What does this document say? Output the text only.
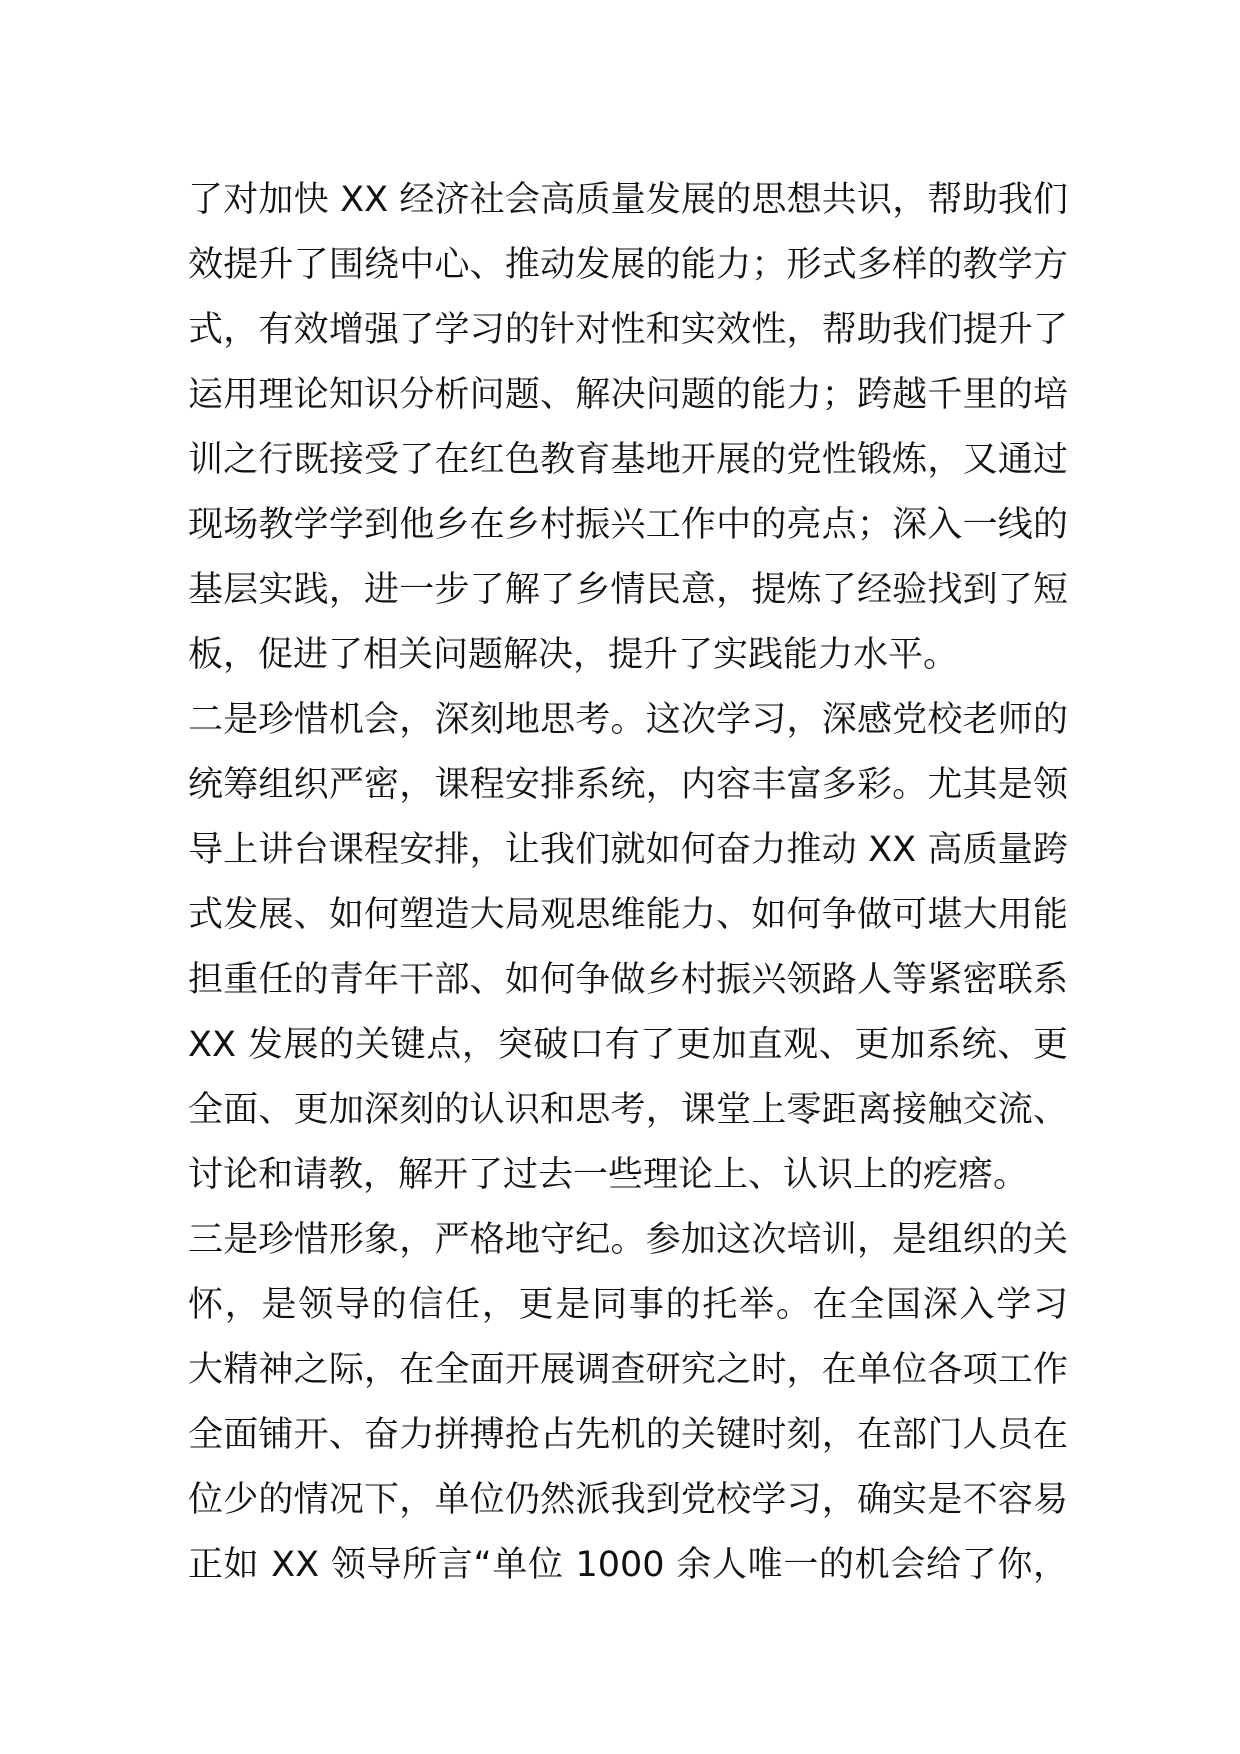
了对加快 XX 经济社会高质量发展的思想共识，帮助我们
效提升了围绕中心、推动发展的能力；形式多样的教学方
式，有效增强了学习的针对性和实效性，帮助我们提升了
运用理论知识分析问题、解决问题的能力；跨越千里的培
训之行既接受了在红色教育基地开展的党性锻炼，又通过
现场教学学到他乡在乡村振兴工作中的亮点；深入一线的
基层实践，进一步了解了乡情民意，提炼了经验找到了短
板，促进了相关问题解决，提升了实践能力水平。
二是珍惜机会，深刻地思考。这次学习，深感党校老师的
统筹组织严密，课程安排系统，内容丰富多彩。尤其是领
导上讲台课程安排，让我们就如何奋力推动 XX 高质量跨
式发展、如何塑造大局观思维能力、如何争做可堪大用能
担重任的青年干部、如何争做乡村振兴领路人等紧密联系
XX 发展的关键点，突破口有了更加直观、更加系统、更
全面、更加深刻的认识和思考，课堂上零距离接触交流、
讨论和请教，解开了过去一些理论上、认识上的疙瘩。
三是珍惜形象，严格地守纪。参加这次培训，是组织的关
怀，是领导的信任，更是同事的托举。在全国深入学习
大精神之际，在全面开展调查研究之时，在单位各项工作
全面铺开、奋力拼搏抢占先机的关键时刻，在部门人员在
位少的情况下，单位仍然派我到党校学习，确实是不容易
正如 XX 领导所言“单位 1000 余人唯一的机会给了你，
